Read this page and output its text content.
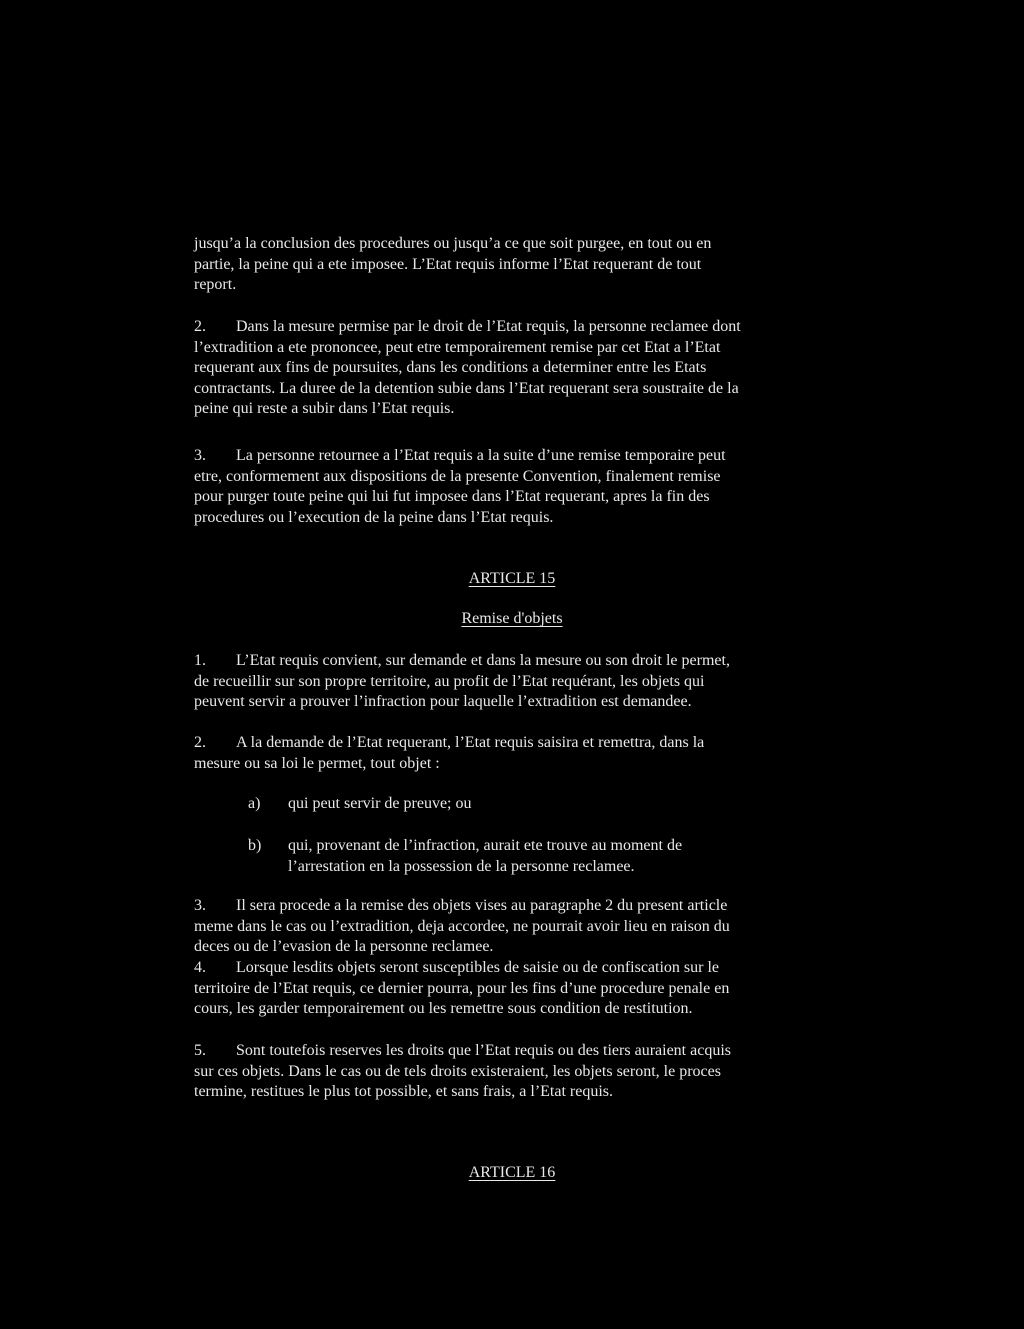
jusqu’a la conclusion des procedures ou jusqu’a ce que soit purgee, en tout ou en
partie, la peine qui a ete imposee. L’Etat requis informe l’Etat requerant de tout
report.
2. Dans la mesure permise par le droit de l’Etat requis, la personne reclamee dont
l’extradition a ete prononcee, peut etre temporairement remise par cet Etat a l’Etat
requerant aux fins de poursuites, dans les conditions a determiner entre les Etats
contractants. La duree de la detention subie dans l’Etat requerant sera soustraite de la
peine qui reste a subir dans l’Etat requis.
3. La personne retournee a l’Etat requis a la suite d’une remise temporaire peut
etre, conformement aux dispositions de la presente Convention, finalement remise
pour purger toute peine qui lui fut imposee dans l’Etat requerant, apres la fin des
procedures ou l’execution de la peine dans l’Etat requis.
ARTICLE 15
Remise d'objets
1. L’Etat requis convient, sur demande et dans la mesure ou son droit le permet,
de recueillir sur son propre territoire, au profit de l’Etat requérant, les objets qui
peuvent servir a prouver l’infraction pour laquelle l’extradition est demandee.
2. A la demande de l’Etat requerant, l’Etat requis saisira et remettra, dans la
mesure ou sa loi le permet, tout objet :
a) qui peut servir de preuve; ou
b) qui, provenant de l’infraction, aurait ete trouve au moment de
l’arrestation en la possession de la personne reclamee.
3. Il sera procede a la remise des objets vises au paragraphe 2 du present article
meme dans le cas ou l’extradition, deja accordee, ne pourrait avoir lieu en raison du
deces ou de l’evasion de la personne reclamee.
4. Lorsque lesdits objets seront susceptibles de saisie ou de confiscation sur le
territoire de l’Etat requis, ce dernier pourra, pour les fins d’une procedure penale en
cours, les garder temporairement ou les remettre sous condition de restitution.
5. Sont toutefois reserves les droits que l’Etat requis ou des tiers auraient acquis
sur ces objets. Dans le cas ou de tels droits existeraient, les objets seront, le proces
termine, restitues le plus tot possible, et sans frais, a l’Etat requis.
ARTICLE 16
